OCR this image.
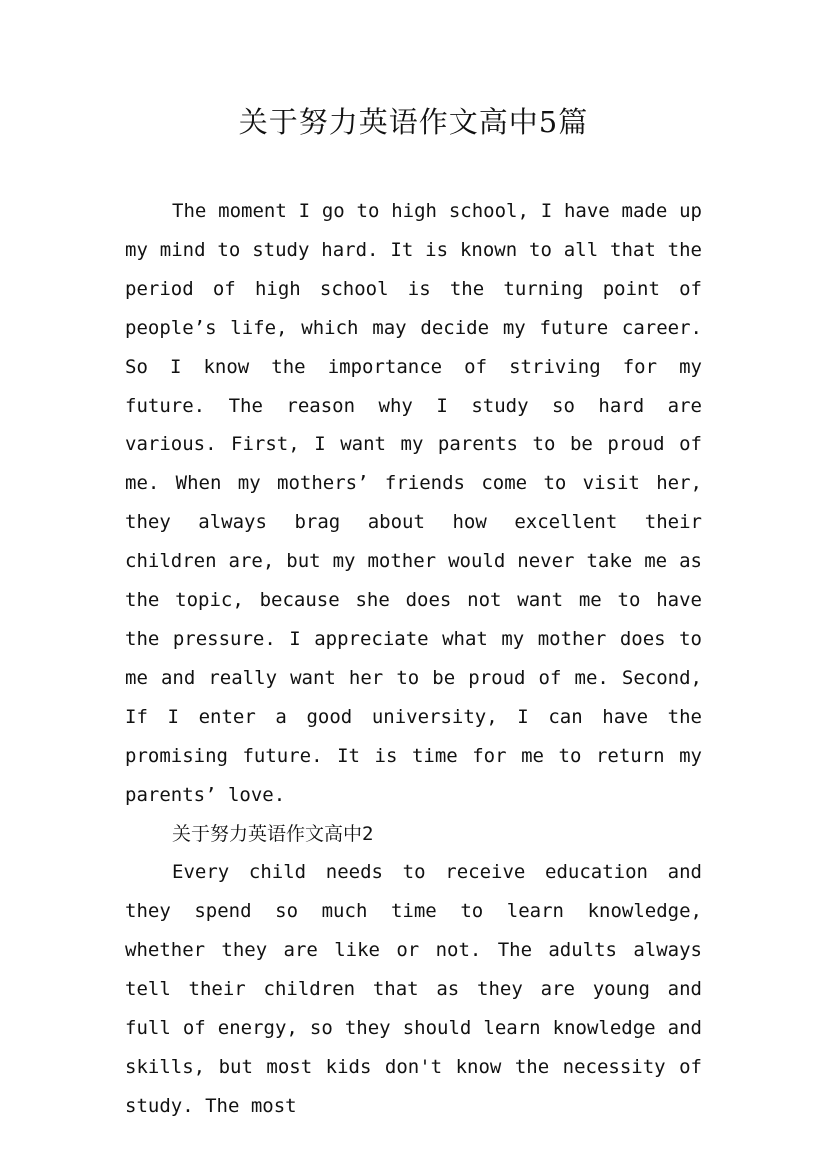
关于努力英语作文高中5篇

The moment I go to high school, I have made up my mind to study hard. It is known to all that the period of high school is the turning point of people’s life, which may decide my future career. So I know the importance of striving for my future. The reason why I study so hard are various. First, I want my parents to be proud of me. When my mothers’ friends come to visit her, they always brag about how excellent their children are, but my mother would never take me as the topic, because she does not want me to have the pressure. I appreciate what my mother does to me and really want her to be proud of me. Second, If I enter a good university, I can have the promising future. It is time for me to return my parents’ love.

关于努力英语作文高中2

Every child needs to receive education and they spend so much time to learn knowledge, whether they are like or not. The adults always tell their children that as they are young and full of energy, so they should learn knowledge and skills, but most kids don't know the necessity of study. The most
